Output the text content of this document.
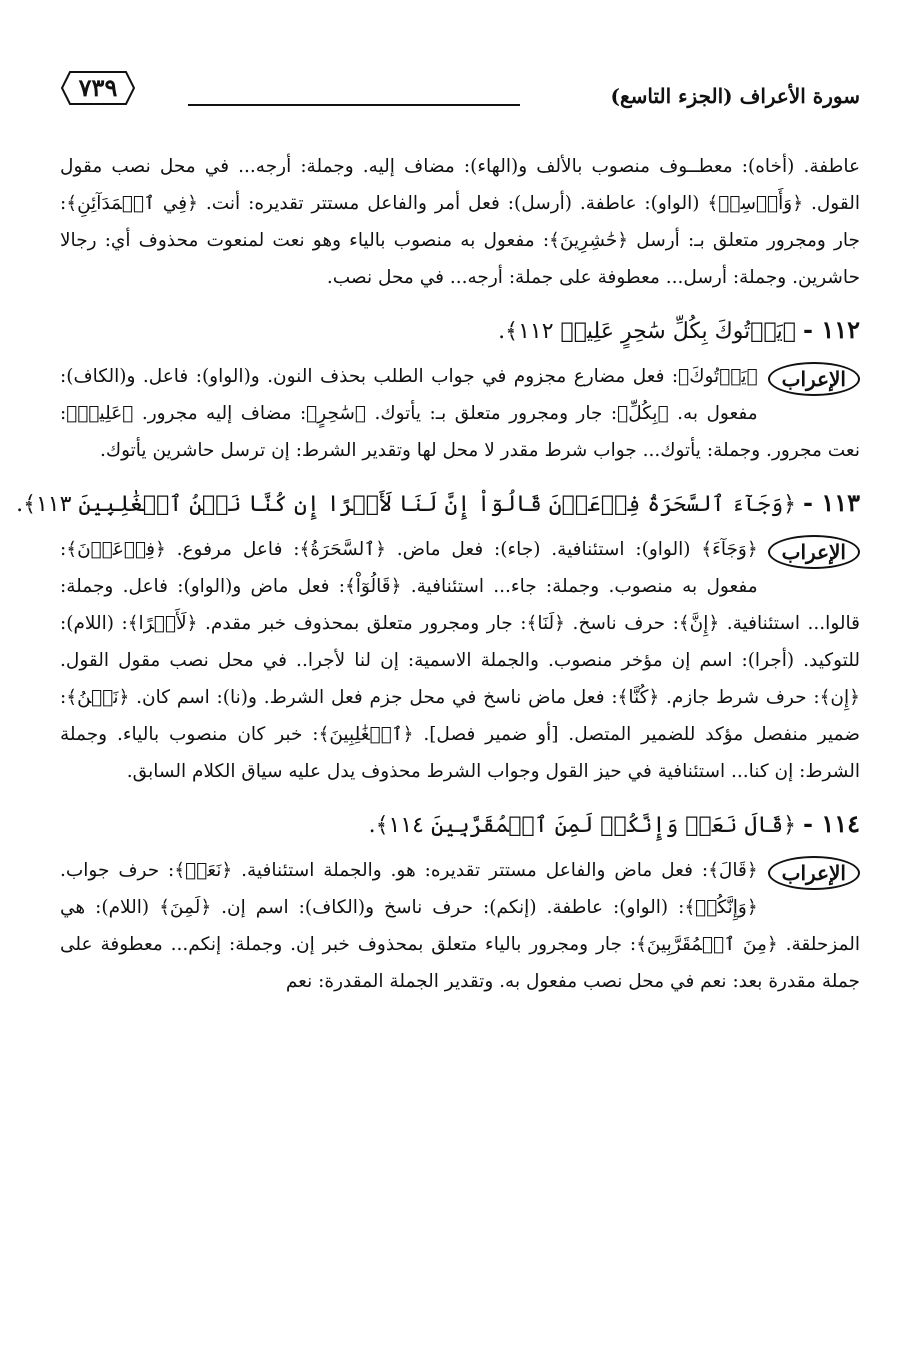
سورة الأعراف (الجزء التاسع)
٧٣٩

عاطفة. (أخاه): معطــوف منصوب بالألف و(الهاء): مضاف إليه. وجملة: أرجه... في محل نصب مقول القول. ﴿وَأَرۡسِلۡ﴾ (الواو): عاطفة. (أرسل): فعل أمر والفاعل مستتر تقديره: أنت. ﴿فِي ٱلۡمَدَآئِنِ﴾: جار ومجرور متعلق بـ: أرسل ﴿حَٰشِرِينَ﴾: مفعول به منصوب بالياء وهو نعت لمنعوت محذوف أي: رجالا حاشرين. وجملة: أرسل... معطوفة على جملة: أرجه... في محل نصب.

١١٢ - ﴿يَأۡتُوكَ بِكُلِّ سَٰحِرٍ عَلِيمٖ ١١٢﴾.
الإعراب

﴿يَأۡتُوكَ﴾: فعل مضارع مجزوم في جواب الطلب بحذف النون. و(الواو): فاعل. و(الكاف): مفعول به. ﴿بِكُلِّ﴾: جار ومجرور متعلق بـ: يأتوك. ﴿سَٰحِرٍ﴾: مضاف إليه مجرور. ﴿عَلِيمٖ﴾: نعت مجرور. وجملة: يأتوك... جواب شرط مقدر لا محل لها وتقدير الشرط: إن ترسل حاشرين يأتوك.

١١٣ - ﴿وَجَآءَ ٱلسَّحَرَةُ فِرۡعَوۡنَ قَالُوٓاْ إِنَّ لَنَا لَأَجۡرًا إِن كُنَّا نَحۡنُ ٱلۡغَٰلِبِينَ ١١٣﴾.
الإعراب

﴿وَجَآءَ﴾ (الواو): استئنافية. (جاء): فعل ماض. ﴿ٱلسَّحَرَةُ﴾: فاعل مرفوع. ﴿فِرۡعَوۡنَ﴾: مفعول به منصوب. وجملة: جاء... استئنافية. ﴿قَالُوٓاْ﴾: فعل ماض و(الواو): فاعل. وجملة: قالوا... استئنافية. ﴿إِنَّ﴾: حرف ناسخ. ﴿لَنَا﴾: جار ومجرور متعلق بمحذوف خبر مقدم. ﴿لَأَجۡرًا﴾: (اللام): للتوكيد. (أجرا): اسم إن مؤخر منصوب. والجملة الاسمية: إن لنا لأجرا.. في محل نصب مقول القول. ﴿إِن﴾: حرف شرط جازم. ﴿كُنَّا﴾: فعل ماض ناسخ في محل جزم فعل الشرط. و(نا): اسم كان. ﴿نَحۡنُ﴾: ضمير منفصل مؤكد للضمير المتصل. [أو ضمير فصل]. ﴿ٱلۡغَٰلِبِينَ﴾: خبر كان منصوب بالياء. وجملة الشرط: إن كنا... استئنافية في حيز القول وجواب الشرط محذوف يدل عليه سياق الكلام السابق.

١١٤ - ﴿قَالَ نَعَمۡ وَإِنَّكُمۡ لَمِنَ ٱلۡمُقَرَّبِينَ ١١٤﴾.
الإعراب

﴿قَالَ﴾: فعل ماض والفاعل مستتر تقديره: هو. والجملة استئنافية. ﴿نَعَمۡ﴾: حرف جواب. ﴿وَإِنَّكُمۡ﴾: (الواو): عاطفة. (إنكم): حرف ناسخ و(الكاف): اسم إن. ﴿لَمِنَ﴾ (اللام): هي المزحلقة. ﴿مِنَ ٱلۡمُقَرَّبِينَ﴾: جار ومجرور بالياء متعلق بمحذوف خبر إن. وجملة: إنكم... معطوفة على جملة مقدرة بعد: نعم في محل نصب مفعول به. وتقدير الجملة المقدرة: نعم
